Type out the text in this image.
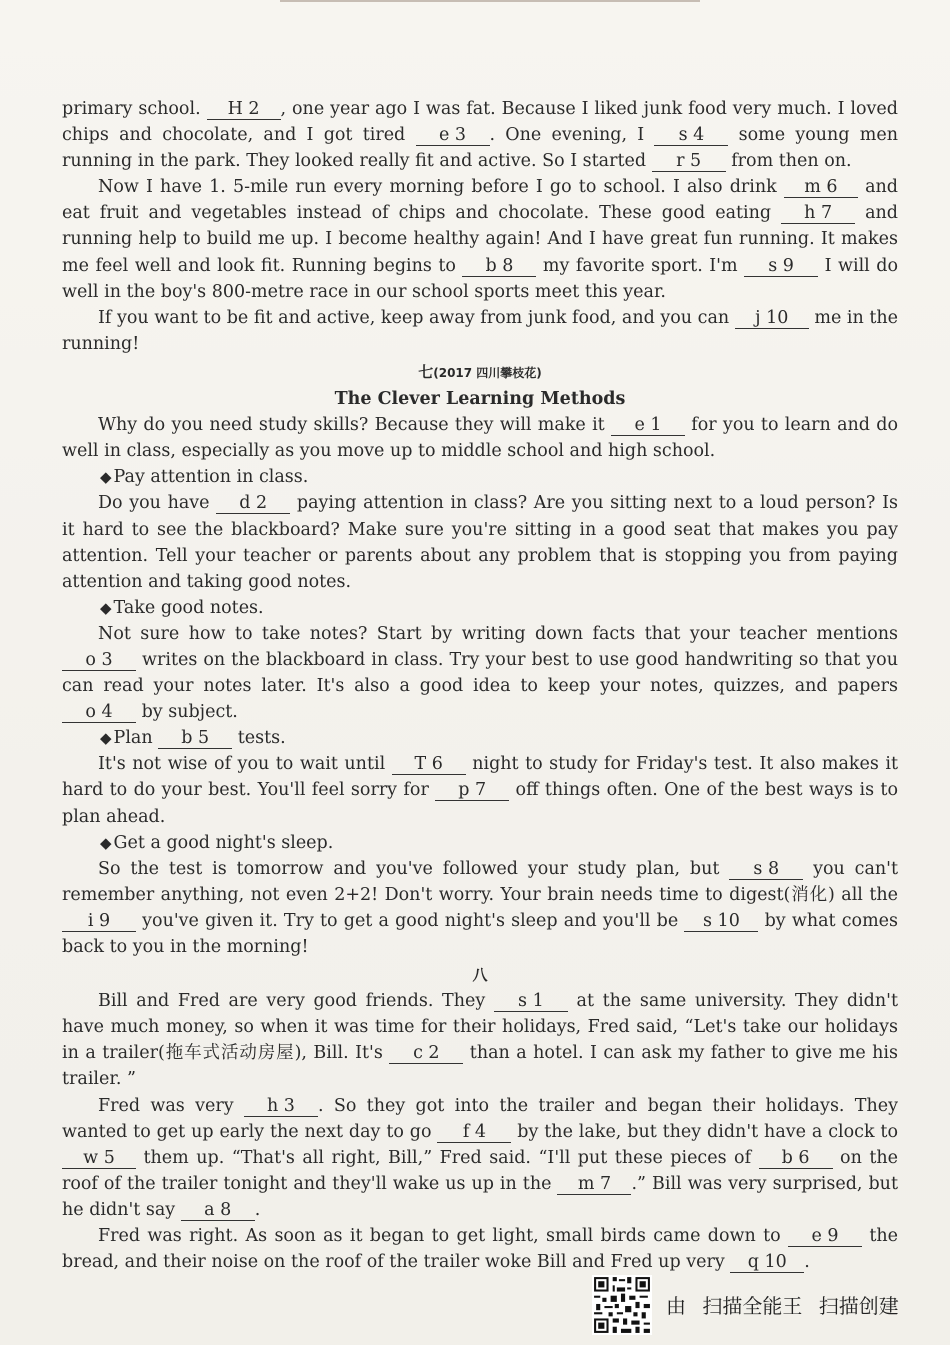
primary school. H 2 , one year ago I was fat. Because I liked junk food very much. I loved chips and chocolate, and I got tired e 3 . One evening, I s 4 some young men running in the park. They looked really fit and active. So I started r 5 from then on.

Now I have 1. 5-mile run every morning before I go to school. I also drink m 6 and eat fruit and vegetables instead of chips and chocolate. These good eating h 7 and running help to build me up. I become healthy again! And I have great fun running. It makes me feel well and look fit. Running begins to b 8 my favorite sport. I'm s 9 I will do well in the boy's 800-metre race in our school sports meet this year.

If you want to be fit and active, keep away from junk food, and you can j 10 me in the running!

七(2017 四川攀枝花)

The Clever Learning Methods

Why do you need study skills? Because they will make it e 1 for you to learn and do well in class, especially as you move up to middle school and high school.

◆ Pay attention in class.

Do you have d 2 paying attention in class? Are you sitting next to a loud person? Is it hard to see the blackboard? Make sure you're sitting in a good seat that makes you pay attention. Tell your teacher or parents about any problem that is stopping you from paying attention and taking good notes.

◆ Take good notes.

Not sure how to take notes? Start by writing down facts that your teacher mentions o 3 writes on the blackboard in class. Try your best to use good handwriting so that you can read your notes later. It's also a good idea to keep your notes, quizzes, and papers o 4 by subject.

◆ Plan b 5 tests.

It's not wise of you to wait until T 6 night to study for Friday's test. It also makes it hard to do your best. You'll feel sorry for p 7 off things often. One of the best ways is to plan ahead.

◆ Get a good night's sleep.

So the test is tomorrow and you've followed your study plan, but s 8 you can't remember anything, not even 2+2! Don't worry. Your brain needs time to digest(消化) all the i 9 you've given it. Try to get a good night's sleep and you'll be s 10 by what comes back to you in the morning!

八

Bill and Fred are very good friends. They s 1 at the same university. They didn't have much money, so when it was time for their holidays, Fred said, “Let's take our holidays in a trailer(拖车式活动房屋), Bill. It's c 2 than a hotel. I can ask my father to give me his trailer. ”

Fred was very h 3 . So they got into the trailer and began their holidays. They wanted to get up early the next day to go f 4 by the lake, but they didn't have a clock to w 5 them up. “That's all right, Bill,” Fred said. “I'll put these pieces of b 6 on the roof of the trailer tonight and they'll wake us up in the m 7 .” Bill was very surprised, but he didn't say a 8 .

Fred was right. As soon as it began to get light, small birds came down to e 9 the bread, and their noise on the roof of the trailer woke Bill and Fred up very q 10 .

由 扫描全能王 扫描创建
